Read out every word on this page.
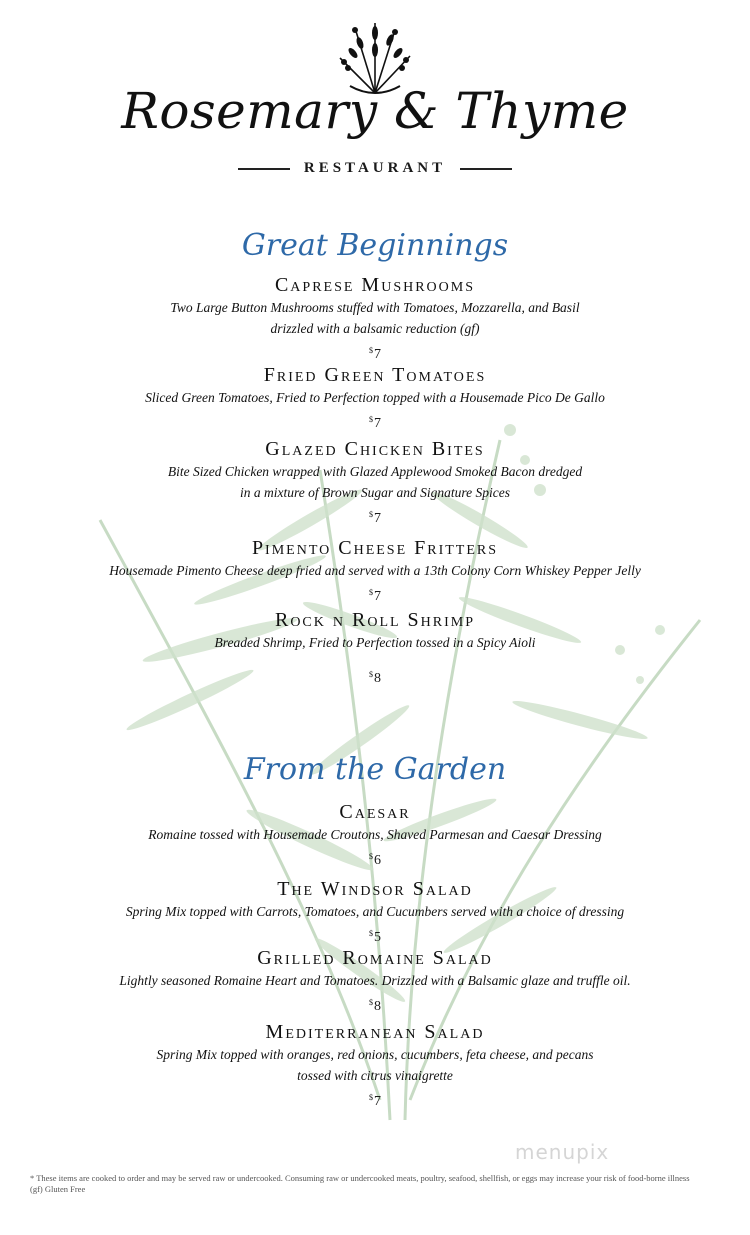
Rosemary & Thyme
RESTAURANT
Great Beginnings
Caprese Mushrooms
Two Large Button Mushrooms stuffed with Tomatoes, Mozzarella, and Basil
drizzled with a balsamic reduction (gf)
$7
Fried Green Tomatoes
Sliced Green Tomatoes, Fried to Perfection topped with a Housemade Pico De Gallo
$7
Glazed Chicken Bites
Bite Sized Chicken wrapped with Glazed Applewood Smoked Bacon dredged
in a mixture of Brown Sugar and Signature Spices
$7
Pimento Cheese Fritters
Housemade Pimento Cheese deep fried and served with a 13th Colony Corn Whiskey Pepper Jelly
$7
Rock n Roll Shrimp
Breaded Shrimp, Fried to Perfection tossed in a Spicy Aioli
$8
From the Garden
Caesar
Romaine tossed with Housemade Croutons, Shaved Parmesan and Caesar Dressing
$6
The Windsor Salad
Spring Mix topped with Carrots, Tomatoes, and Cucumbers served with a choice of dressing
$5
Grilled Romaine Salad
Lightly seasoned Romaine Heart and Tomatoes. Drizzled with a Balsamic glaze and truffle oil.
$8
Mediterranean Salad
Spring Mix topped with oranges, red onions, cucumbers, feta cheese, and pecans
tossed with citrus vinaigrette
$7
menupix
* These items are cooked to order and may be served raw or undercooked. Consuming raw or undercooked meats, poultry, seafood, shellfish, or eggs may increase your risk of food-borne illness
(gf) Gluten Free
